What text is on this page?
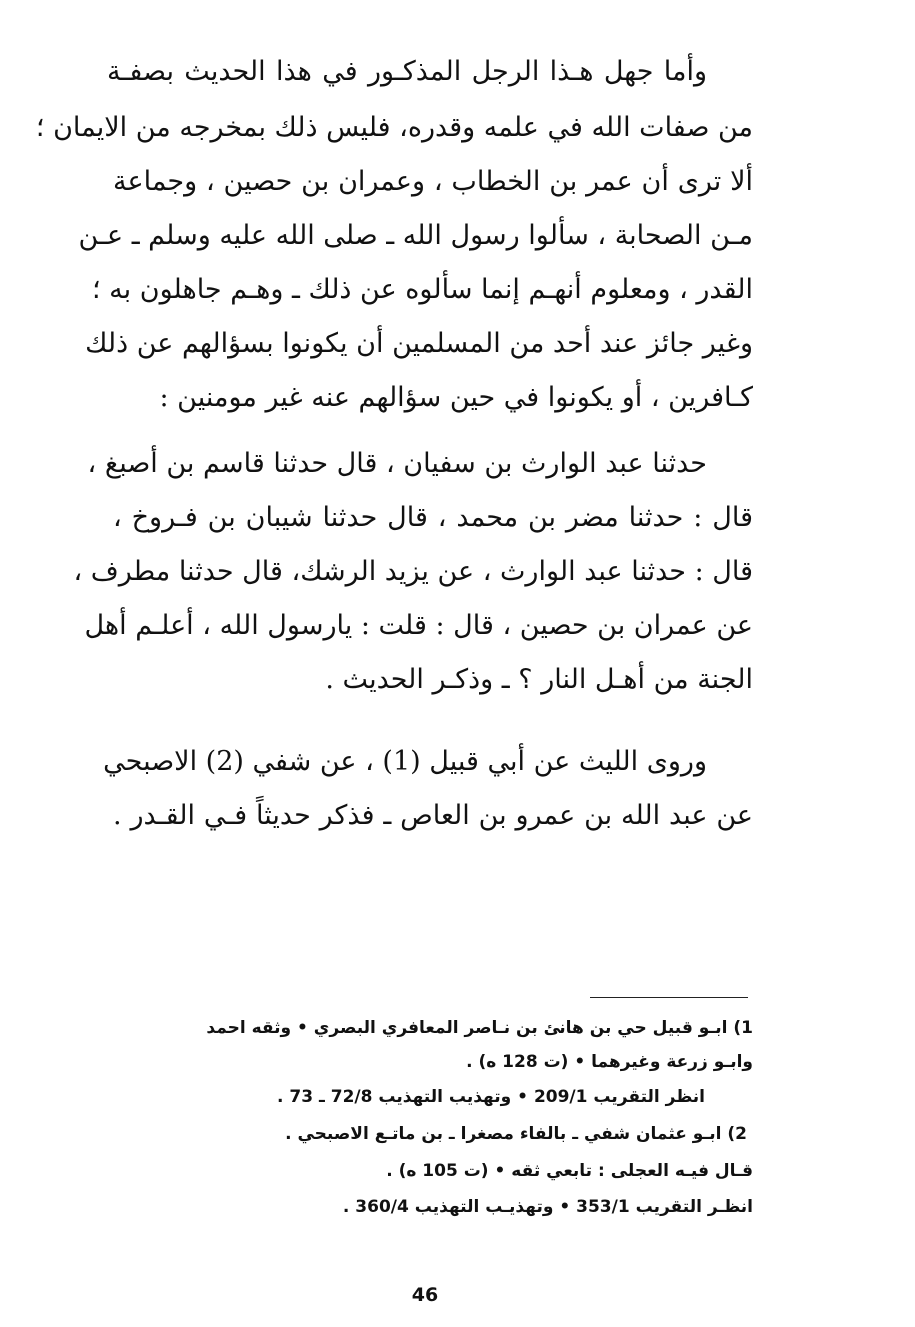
وأما جهل هـذا الرجل المذكـور في هذا الحديث بصفـة
من صفات الله في علمه وقدره، فليس ذلك بمخرجه من الايمان ؛
ألا ترى أن عمر بن الخطاب ، وعمران بن حصين ، وجماعة
مـن الصحابة ، سألوا رسول الله ـ صلى الله عليه وسلم ـ عـن
القدر ، ومعلوم أنهـم إنما سألوه عن ذلك ـ وهـم جاهلون به ؛
وغير جائز عند أحد من المسلمين أن يكونوا بسؤالهم عن ذلك
كـافرين ، أو يكونوا في حين سؤالهم عنه غير مومنين :
حدثنا عبد الوارث بن سفيان ، قال حدثنا قاسم بن أصبغ ،
قال : حدثنا مضر بن محمد ، قال حدثنا شيبان بن فـروخ ،
قال : حدثنا عبد الوارث ، عن يزيد الرشك، قال حدثنا مطرف ،
عن عمران بن حصين ، قال : قلت : يارسول الله ، أعلـم أهل
الجنة من أهـل النار ؟ ـ وذكـر الحديث .
وروى الليث عن أبي قبيل (1) ، عن شفي (2) الاصبحي
عن عبد الله بن عمرو بن العاص ـ فذكر حديثاً فـي القـدر .
1) ابـو قبيل حي بن هانئ بن نـاصر المعافري البصري • وثقه احمد
وابـو زرعة وغيرهما • (ت 128 ه) .
انظر التقريب 209/1 • وتهذيب التهذيب 72/8 ـ 73 .
2) ابـو عثمان شفي ـ بالفاء مصغرا ـ بن ماتـع الاصبحي .
قـال فيـه العجلى : تابعي ثقه • (ت 105 ه) .
انظـر التقريب 353/1 • وتهذيـب التهذيب 360/4 .
46
